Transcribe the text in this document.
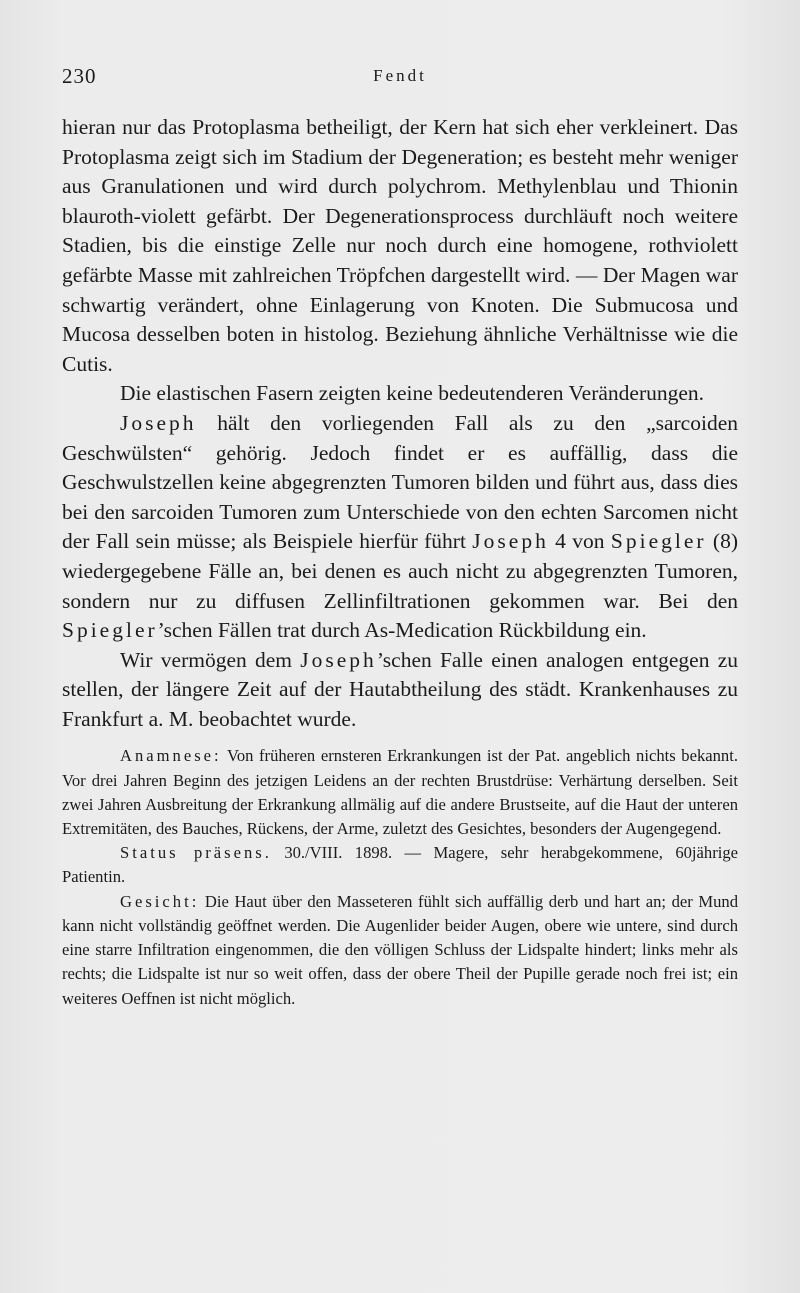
230	Fendt

hieran nur das Protoplasma betheiligt, der Kern hat sich eher verkleinert. Das Protoplasma zeigt sich im Stadium der Degeneration; es besteht mehr weniger aus Granulationen und wird durch polychrom. Methylenblau und Thionin blauroth-violett gefärbt. Der Degenerationsprocess durchläuft noch weitere Stadien, bis die einstige Zelle nur noch durch eine homogene, rothviolett gefärbte Masse mit zahlreichen Tröpfchen dargestellt wird. — Der Magen war schwartig verändert, ohne Einlagerung von Knoten. Die Submucosa und Mucosa desselben boten in histolog. Beziehung ähnliche Verhältnisse wie die Cutis.

Die elastischen Fasern zeigten keine bedeutenderen Veränderungen.

Joseph hält den vorliegenden Fall als zu den „sarcoiden Geschwülsten“ gehörig. Jedoch findet er es auffällig, dass die Geschwulstzellen keine abgegrenzten Tumoren bilden und führt aus, dass dies bei den sarcoiden Tumoren zum Unterschiede von den echten Sarcomen nicht der Fall sein müsse; als Beispiele hierfür führt Joseph 4 von Spiegler (8) wiedergegebene Fälle an, bei denen es auch nicht zu abgegrenzten Tumoren, sondern nur zu diffusen Zellinfiltrationen gekommen war. Bei den Spiegler’schen Fällen trat durch As-Medication Rückbildung ein.

Wir vermögen dem Joseph’schen Falle einen analogen entgegen zu stellen, der längere Zeit auf der Hautabtheilung des städt. Krankenhauses zu Frankfurt a. M. beobachtet wurde.

Anamnese: Von früheren ernsteren Erkrankungen ist der Pat. angeblich nichts bekannt. Vor drei Jahren Beginn des jetzigen Leidens an der rechten Brustdrüse: Verhärtung derselben. Seit zwei Jahren Ausbreitung der Erkrankung allmälig auf die andere Brustseite, auf die Haut der unteren Extremitäten, des Bauches, Rückens, der Arme, zuletzt des Gesichtes, besonders der Augengegend.

Status präsens. 30./VIII. 1898. — Magere, sehr herabgekommene, 60jährige Patientin.

Gesicht: Die Haut über den Masseteren fühlt sich auffällig derb und hart an; der Mund kann nicht vollständig geöffnet werden. Die Augenlider beider Augen, obere wie untere, sind durch eine starre Infiltration eingenommen, die den völligen Schluss der Lidspalte hindert; links mehr als rechts; die Lidspalte ist nur so weit offen, dass der obere Theil der Pupille gerade noch frei ist; ein weiteres Oeffnen ist nicht möglich.
